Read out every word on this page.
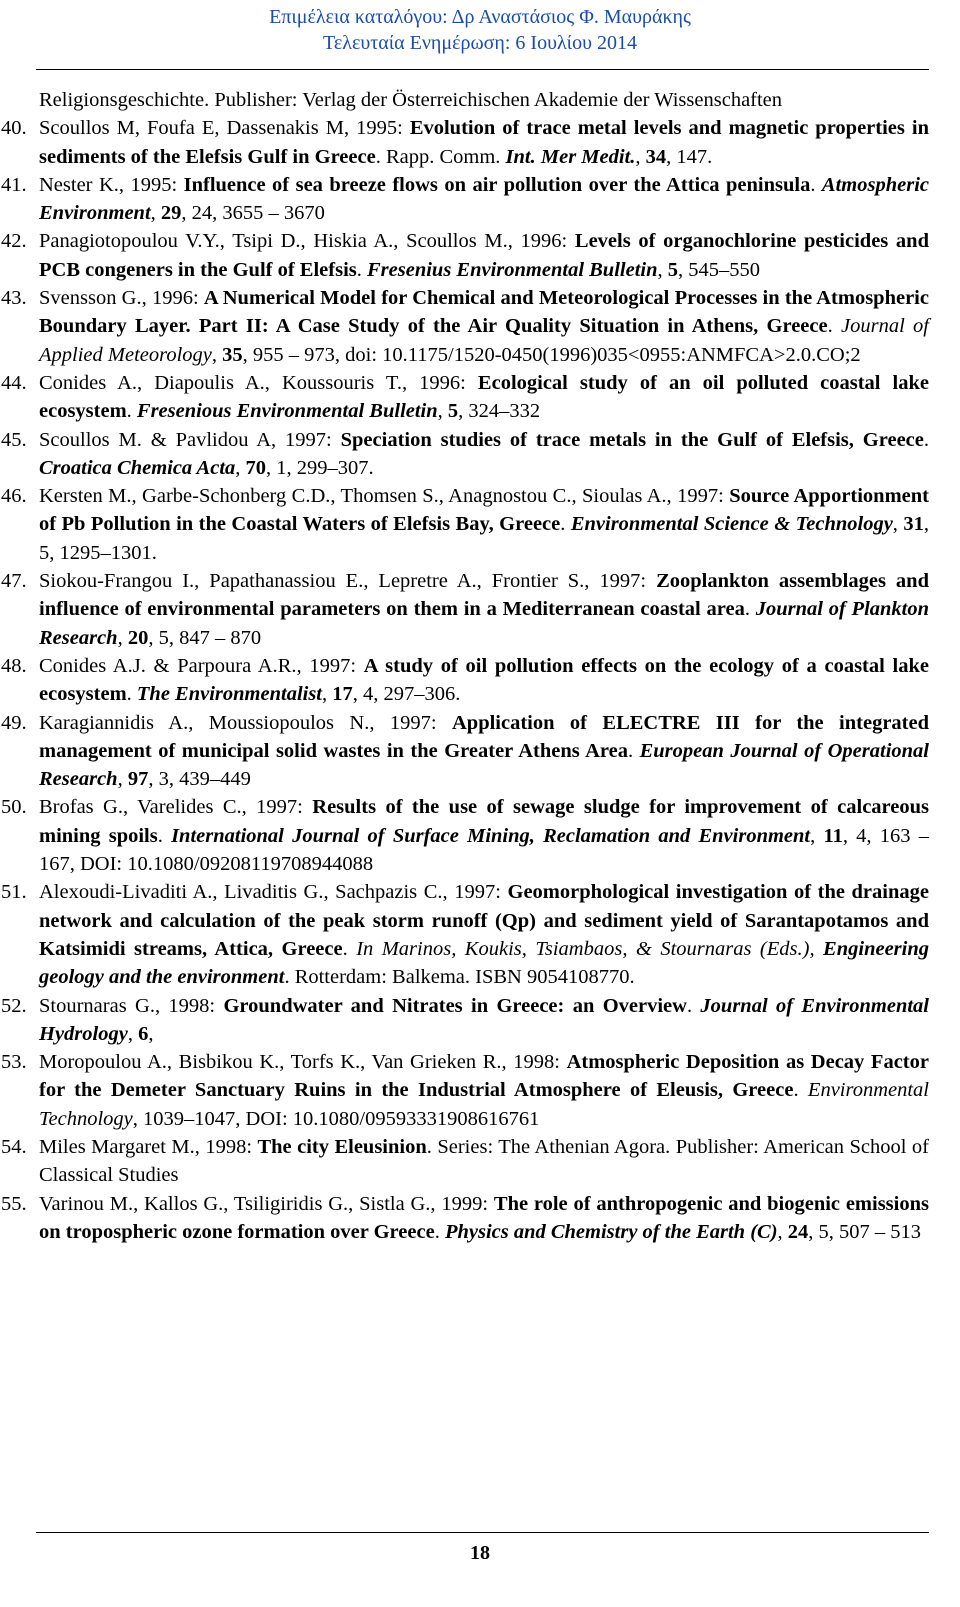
Επιμέλεια καταλόγου: Δρ Αναστάσιος Φ. Μαυράκης
Τελευταία Ενημέρωση: 6 Ιουλίου 2014
Religionsgeschichte. Publisher: Verlag der Österreichischen Akademie der Wissenschaften
40. Scoullos M, Foufa E, Dassenakis M, 1995: Evolution of trace metal levels and magnetic properties in sediments of the Elefsis Gulf in Greece. Rapp. Comm. Int. Mer Medit., 34, 147.
41. Nester K., 1995: Influence of sea breeze flows on air pollution over the Attica peninsula. Atmospheric Environment, 29, 24, 3655 – 3670
42. Panagiotopoulou V.Y., Tsipi D., Hiskia A., Scoullos M., 1996: Levels of organochlorine pesticides and PCB congeners in the Gulf of Elefsis. Fresenius Environmental Bulletin, 5, 545–550
43. Svensson G., 1996: A Numerical Model for Chemical and Meteorological Processes in the Atmospheric Boundary Layer. Part II: A Case Study of the Air Quality Situation in Athens, Greece. Journal of Applied Meteorology, 35, 955 – 973, doi: 10.1175/1520-0450(1996)035<0955:ANMFCA>2.0.CO;2
44. Conides A., Diapoulis A., Koussouris T., 1996: Ecological study of an oil polluted coastal lake ecosystem. Fresenious Environmental Bulletin, 5, 324–332
45. Scoullos M. & Pavlidou A, 1997: Speciation studies of trace metals in the Gulf of Elefsis, Greece. Croatica Chemica Acta, 70, 1, 299–307.
46. Kersten M., Garbe-Schonberg C.D., Thomsen S., Anagnostou C., Sioulas A., 1997: Source Apportionment of Pb Pollution in the Coastal Waters of Elefsis Bay, Greece. Environmental Science & Technology, 31, 5, 1295–1301.
47. Siokou-Frangou I., Papathanassiou E., Lepretre A., Frontier S., 1997: Zooplankton assemblages and influence of environmental parameters on them in a Mediterranean coastal area. Journal of Plankton Research, 20, 5, 847 – 870
48. Conides A.J. & Parpoura A.R., 1997: A study of oil pollution effects on the ecology of a coastal lake ecosystem. The Environmentalist, 17, 4, 297–306.
49. Karagiannidis A., Moussiopoulos N., 1997: Application of ELECTRE III for the integrated management of municipal solid wastes in the Greater Athens Area. European Journal of Operational Research, 97, 3, 439–449
50. Brofas G., Varelides C., 1997: Results of the use of sewage sludge for improvement of calcareous mining spoils. International Journal of Surface Mining, Reclamation and Environment, 11, 4, 163 – 167, DOI: 10.1080/09208119708944088
51. Alexoudi-Livaditi A., Livaditis G., Sachpazis C., 1997: Geomorphological investigation of the drainage network and calculation of the peak storm runoff (Qp) and sediment yield of Sarantapotamos and Katsimidi streams, Attica, Greece. In Marinos, Koukis, Tsiambaos, & Stournaras (Eds.), Engineering geology and the environment. Rotterdam: Balkema. ISBN 9054108770.
52. Stournaras G., 1998: Groundwater and Nitrates in Greece: an Overview. Journal of Environmental Hydrology, 6,
53. Moropoulou A., Bisbikou K., Torfs K., Van Grieken R., 1998: Atmospheric Deposition as Decay Factor for the Demeter Sanctuary Ruins in the Industrial Atmosphere of Eleusis, Greece. Environmental Technology, 1039–1047, DOI: 10.1080/09593331908616761
54. Miles Margaret M., 1998: The city Eleusinion. Series: The Athenian Agora. Publisher: American School of Classical Studies
55. Varinou M., Kallos G., Tsiligiridis G., Sistla G., 1999: The role of anthropogenic and biogenic emissions on tropospheric ozone formation over Greece. Physics and Chemistry of the Earth (C), 24, 5, 507 – 513
18
